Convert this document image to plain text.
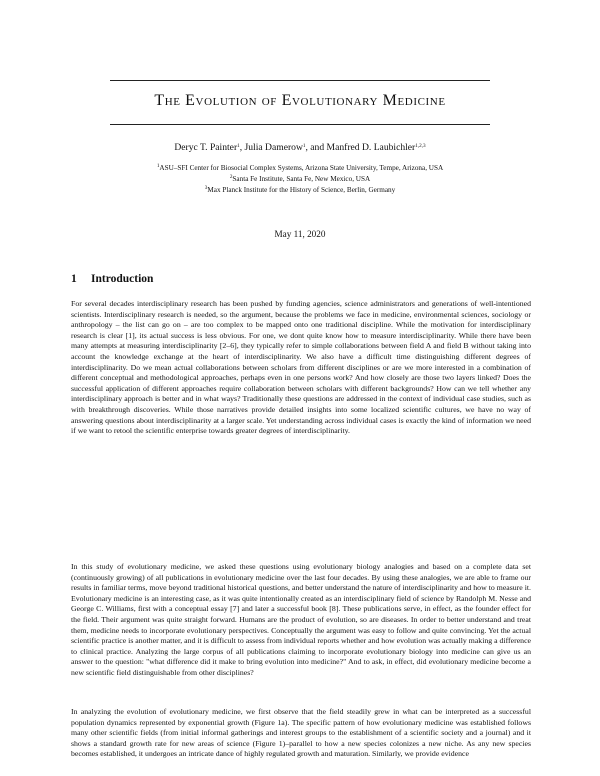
The Evolution of Evolutionary Medicine
Deryc T. Painter$^1$, Julia Damerow$^1$, and Manfred D. Laubichler$^{1,2,3}$
$^1$ASU–SFI Center for Biosocial Complex Systems, Arizona State University, Tempe, Arizona, USA
$^2$Santa Fe Institute, Santa Fe, New Mexico, USA
$^3$Max Planck Institute for the History of Science, Berlin, Germany
May 11, 2020
1 Introduction

For several decades interdisciplinary research has been pushed by funding agencies, science administrators and generations of well-intentioned scientists. Interdisciplinary research is needed, so the argument, because the problems we face in medicine, environmental sciences, sociology or anthropology – the list can go on – are too complex to be mapped onto one traditional discipline. While the motivation for interdisciplinary research is clear [1], its actual success is less obvious. For one, we dont quite know how to measure interdisciplinarity. While there have been many attempts at measuring interdisciplinarity [2–6], they typically refer to simple collaborations between field A and field B without taking into account the knowledge exchange at the heart of interdisciplinarity. We also have a difficult time distinguishing different degrees of interdisciplinarity. Do we mean actual collaborations between scholars from different disciplines or are we more interested in a combination of different conceptual and methodological approaches, perhaps even in one persons work? And how closely are those two layers linked? Does the successful application of different approaches require collaboration between scholars with different backgrounds? How can we tell whether any interdisciplinary approach is better and in what ways? Traditionally these questions are addressed in the context of individual case studies, such as with breakthrough discoveries. While those narratives provide detailed insights into some localized scientific cultures, we have no way of answering questions about interdisciplinarity at a larger scale. Yet understanding across individual cases is exactly the kind of information we need if we want to retool the scientific enterprise towards greater degrees of interdisciplinarity.

In this study of evolutionary medicine, we asked these questions using evolutionary biology analogies and based on a complete data set (continuously growing) of all publications in evolutionary medicine over the last four decades. By using these analogies, we are able to frame our results in familiar terms, move beyond traditional historical questions, and better understand the nature of interdisciplinarity and how to measure it. Evolutionary medicine is an interesting case, as it was quite intentionally created as an interdisciplinary field of science by Randolph M. Nesse and George C. Williams, first with a conceptual essay [7] and later a successful book [8]. These publications serve, in effect, as the founder effect for the field. Their argument was quite straight forward. Humans are the product of evolution, so are diseases. In order to better understand and treat them, medicine needs to incorporate evolutionary perspectives. Conceptually the argument was easy to follow and quite convincing. Yet the actual scientific practice is another matter, and it is difficult to assess from individual reports whether and how evolution was actually making a difference to clinical practice. Analyzing the large corpus of all publications claiming to incorporate evolutionary biology into medicine can give us an answer to the question: "what difference did it make to bring evolution into medicine?" And to ask, in effect, did evolutionary medicine become a new scientific field distinguishable from other disciplines?

In analyzing the evolution of evolutionary medicine, we first observe that the field steadily grew in what can be interpreted as a successful population dynamics represented by exponential growth (Figure 1a). The specific pattern of how evolutionary medicine was established follows many other scientific fields (from initial informal gatherings and interest groups to the establishment of a scientific society and a journal) and it shows a standard growth rate for new areas of science (Figure 1)–parallel to how a new species colonizes a new niche. As any new species becomes established, it undergoes an intricate dance of highly regulated growth and maturation. Similarly, we provide evidence
